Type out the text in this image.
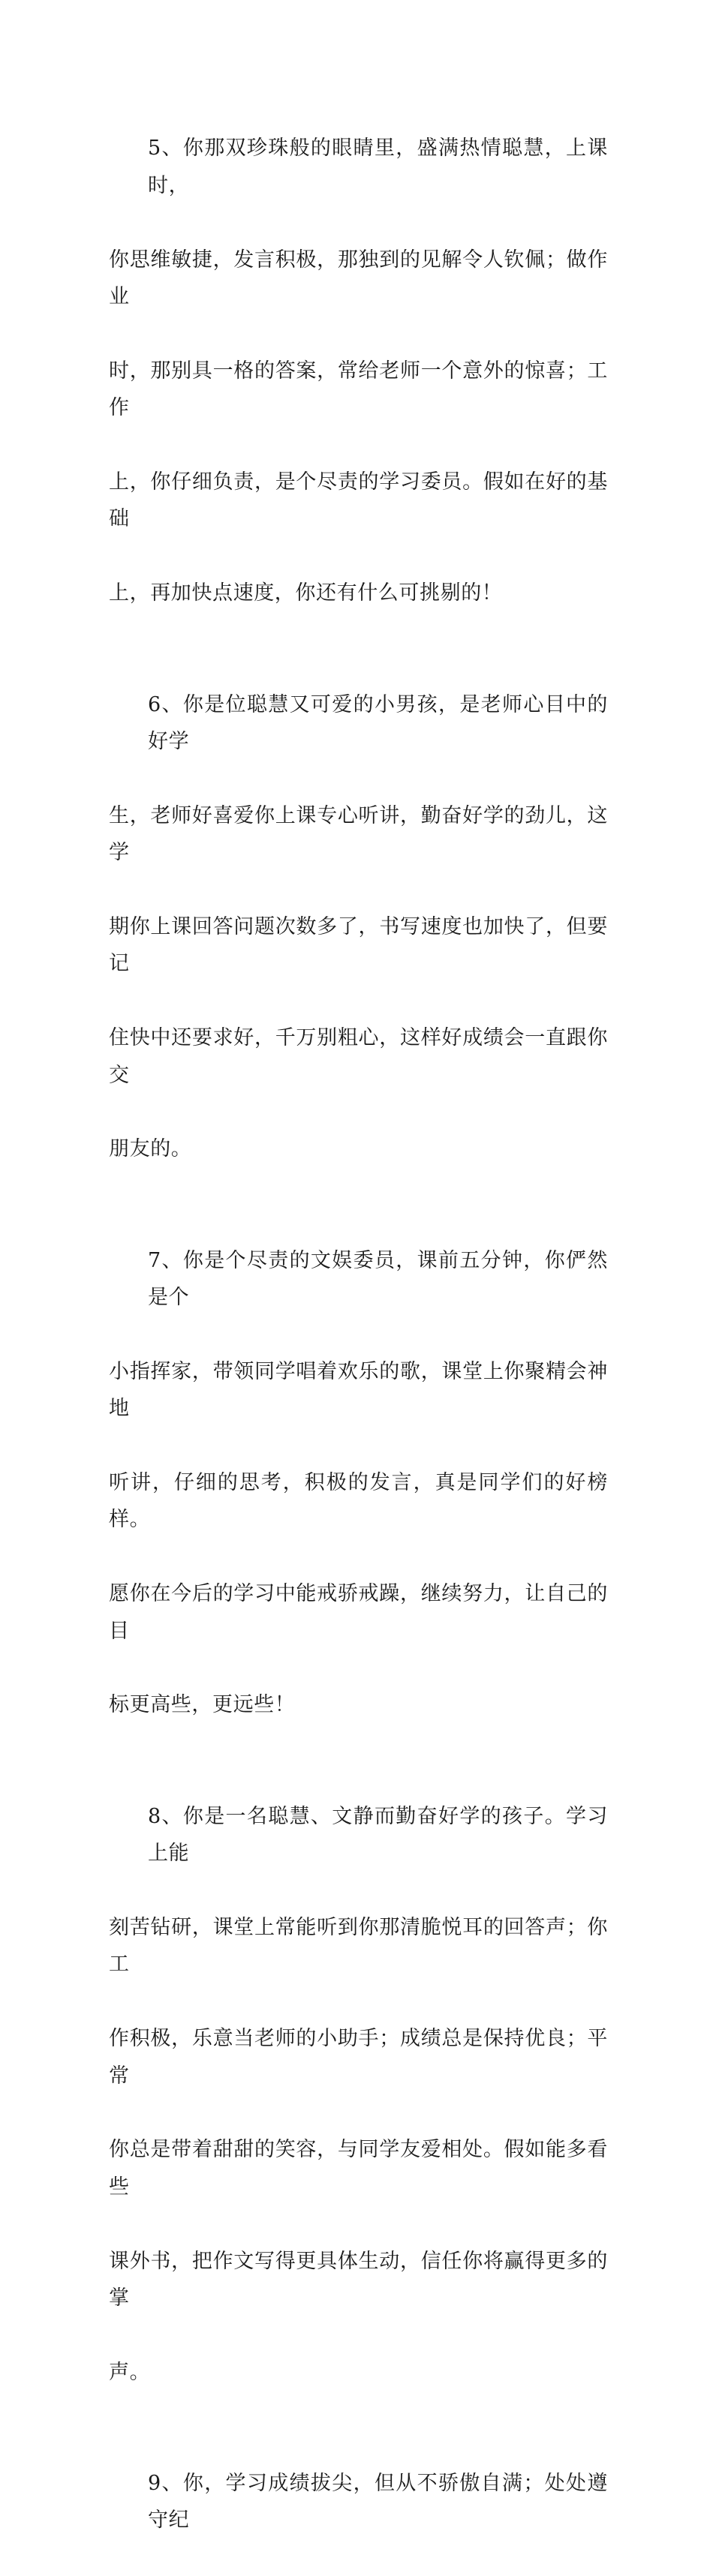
5、你那双珍珠般的眼睛里，盛满热情聪慧，上课时，

你思维敏捷，发言积极，那独到的见解令人钦佩；做作业

时，那别具一格的答案，常给老师一个意外的惊喜；工作

上，你仔细负责，是个尽责的学习委员。假如在好的基础

上，再加快点速度，你还有什么可挑剔的！

6、你是位聪慧又可爱的小男孩，是老师心目中的好学

生，老师好喜爱你上课专心听讲，勤奋好学的劲儿，这学

期你上课回答问题次数多了，书写速度也加快了，但要记

住快中还要求好，千万别粗心，这样好成绩会一直跟你交

朋友的。

7、你是个尽责的文娱委员，课前五分钟，你俨然是个

小指挥家，带领同学唱着欢乐的歌，课堂上你聚精会神地

听讲，仔细的思考，积极的发言，真是同学们的好榜样。

愿你在今后的学习中能戒骄戒躁，继续努力，让自己的目

标更高些，更远些！

8、你是一名聪慧、文静而勤奋好学的孩子。学习上能

刻苦钻研，课堂上常能听到你那清脆悦耳的回答声；你工

作积极，乐意当老师的小助手；成绩总是保持优良；平常

你总是带着甜甜的笑容，与同学友爱相处。假如能多看些

课外书，把作文写得更具体生动，信任你将赢得更多的掌

声。

9、你，学习成绩拔尖，但从不骄傲自满；处处遵守纪
